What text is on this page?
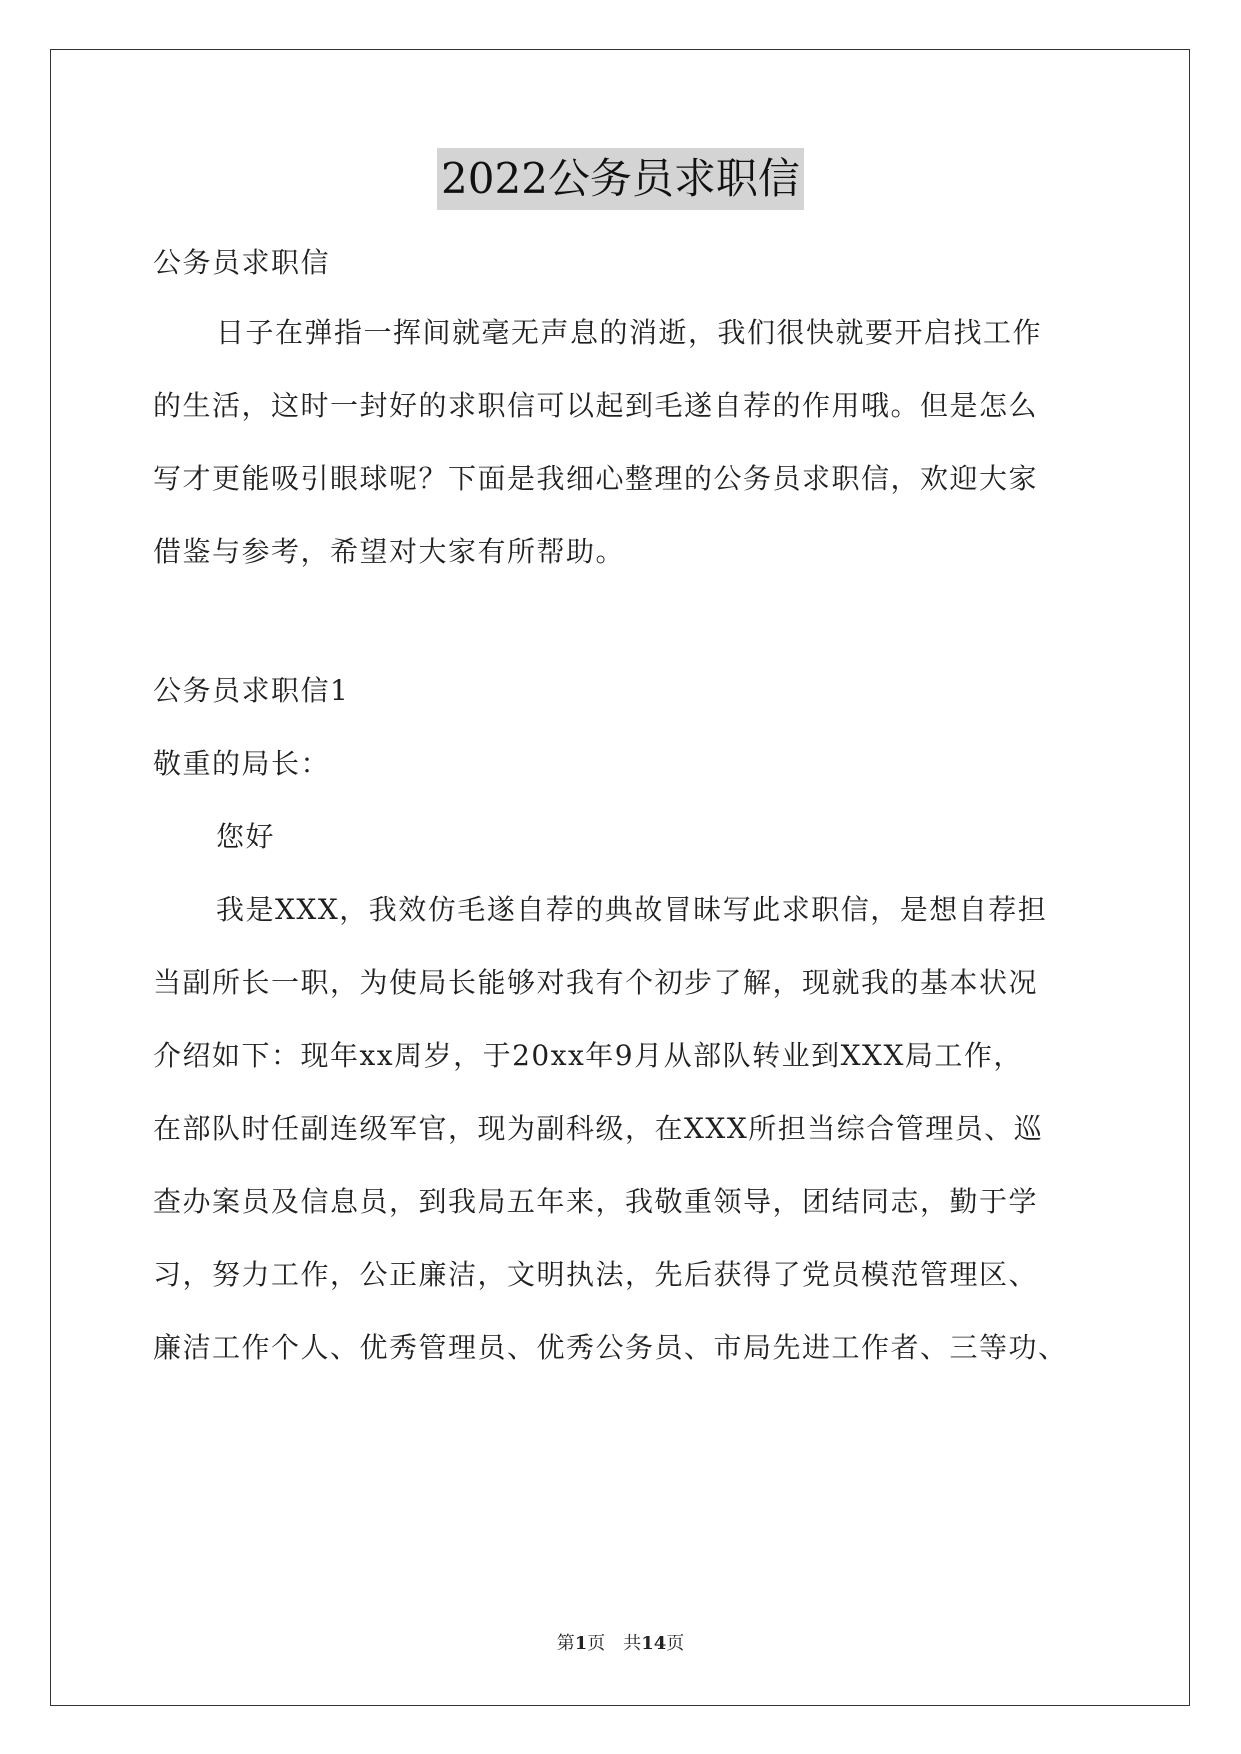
2022公务员求职信
公务员求职信
日子在弹指一挥间就毫无声息的消逝，我们很快就要开启找工作
的生活，这时一封好的求职信可以起到毛遂自荐的作用哦。但是怎么
写才更能吸引眼球呢？下面是我细心整理的公务员求职信，欢迎大家
借鉴与参考，希望对大家有所帮助。
公务员求职信1
敬重的局长：
您好
我是XXX，我效仿毛遂自荐的典故冒昧写此求职信，是想自荐担
当副所长一职，为使局长能够对我有个初步了解，现就我的基本状况
介绍如下：现年xx周岁，于20xx年9月从部队转业到XXX局工作，
在部队时任副连级军官，现为副科级，在XXX所担当综合管理员、巡
查办案员及信息员，到我局五年来，我敬重领导，团结同志，勤于学
习，努力工作，公正廉洁，文明执法，先后获得了党员模范管理区、
廉洁工作个人、优秀管理员、优秀公务员、市局先进工作者、三等功、
第1页　共14页
